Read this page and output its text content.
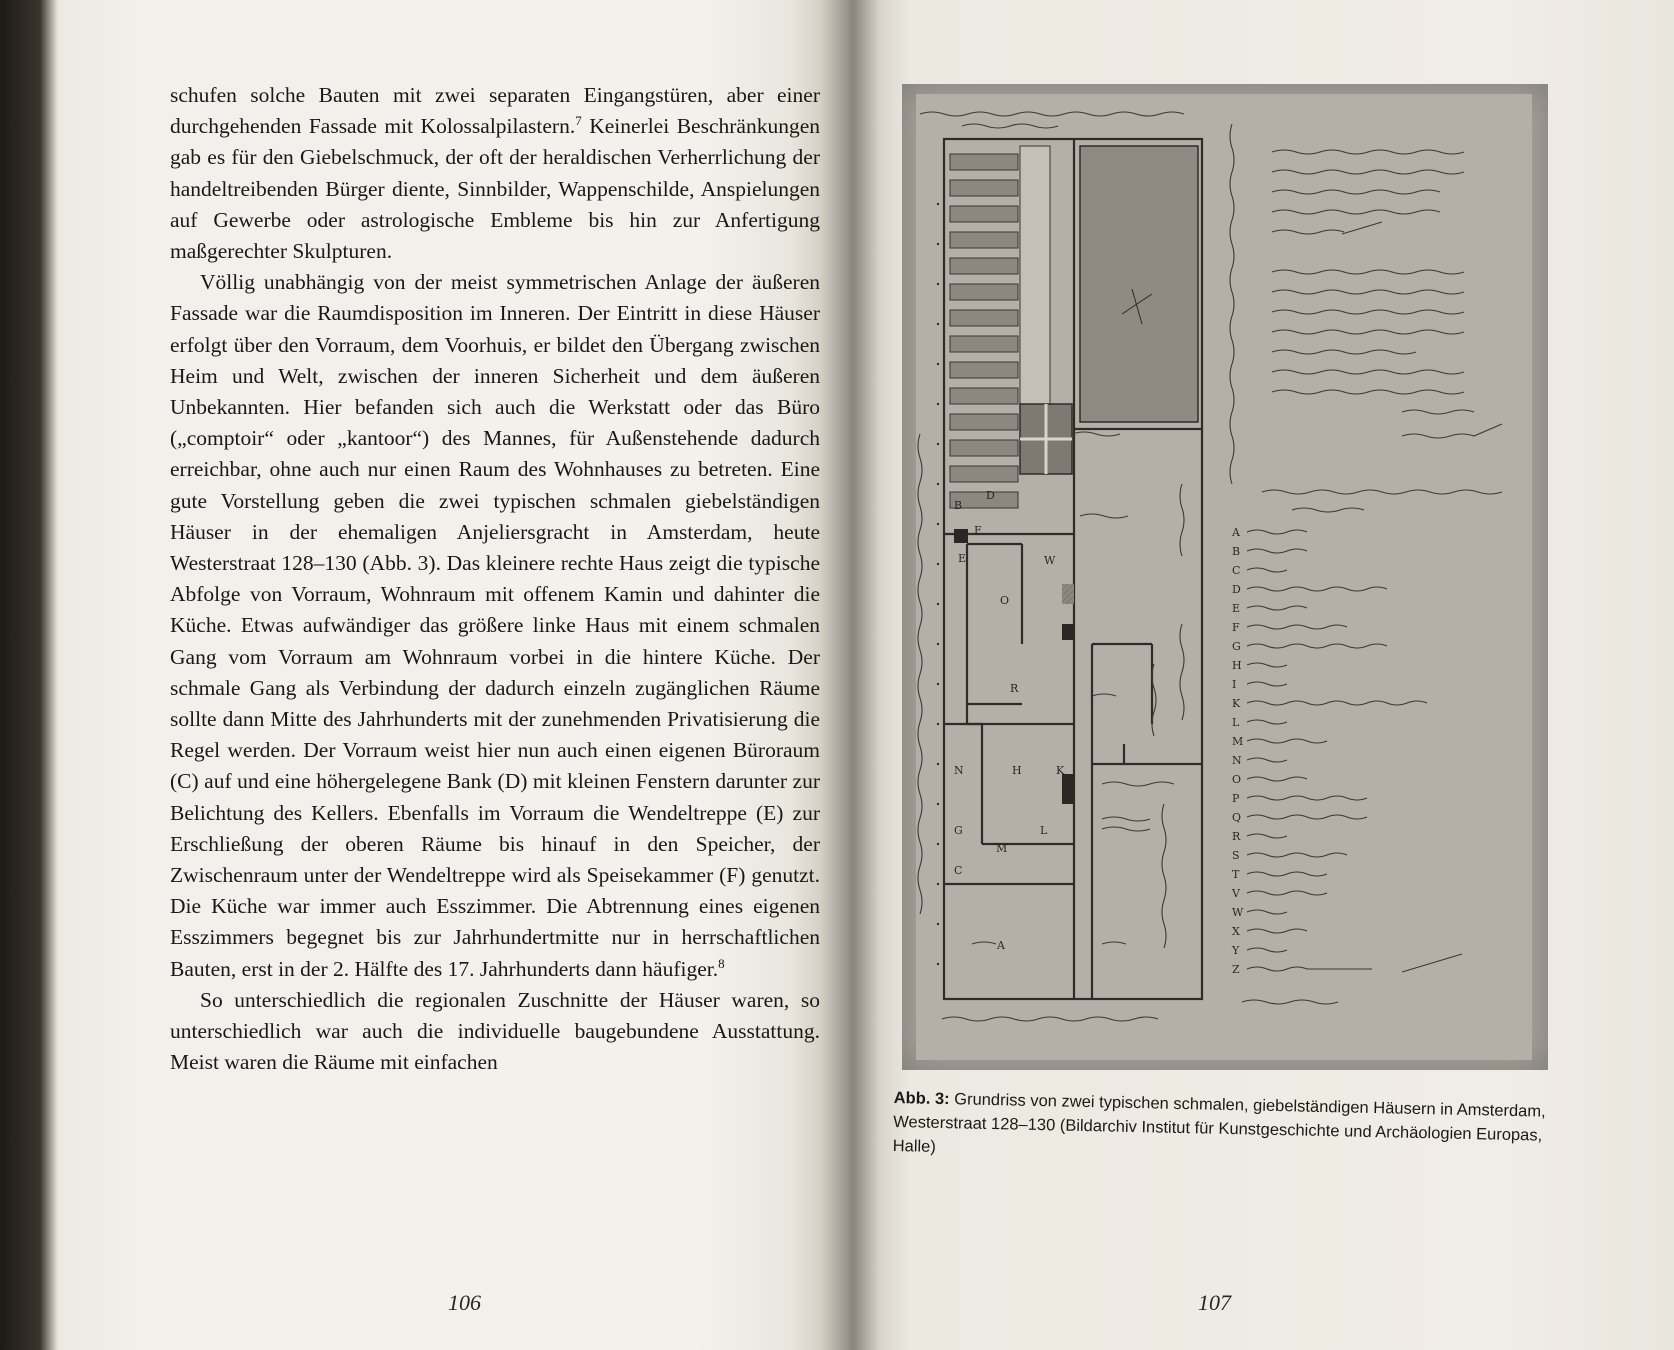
schufen solche Bauten mit zwei separaten Eingangstüren, aber einer durchgehenden Fassade mit Kolossalpilastern.$^7$ Keinerlei Beschränkungen gab es für den Giebelschmuck, der oft der heraldischen Verherrlichung der handeltreibenden Bürger diente, Sinnbilder, Wappenschilde, Anspielungen auf Gewerbe oder astrologische Embleme bis hin zur Anfertigung maßgerechter Skulpturen.

Völlig unabhängig von der meist symmetrischen Anlage der äußeren Fassade war die Raumdisposition im Inneren. Der Eintritt in diese Häuser erfolgt über den Vorraum, dem Voorhuis, er bildet den Übergang zwischen Heim und Welt, zwischen der inneren Sicherheit und dem äußeren Unbekannten. Hier befanden sich auch die Werkstatt oder das Büro („comptoir“ oder „kantoor“) des Mannes, für Außenstehende dadurch erreichbar, ohne auch nur einen Raum des Wohnhauses zu betreten. Eine gute Vorstellung geben die zwei typischen schmalen giebelständigen Häuser in der ehemaligen Anjeliersgracht in Amsterdam, heute Westerstraat 128–130 (Abb. 3). Das kleinere rechte Haus zeigt die typische Abfolge von Vorraum, Wohnraum mit offenem Kamin und dahinter die Küche. Etwas aufwändiger das größere linke Haus mit einem schmalen Gang vom Vorraum am Wohnraum vorbei in die hintere Küche. Der schmale Gang als Verbindung der dadurch einzeln zugänglichen Räume sollte dann Mitte des Jahrhunderts mit der zunehmenden Privatisierung die Regel werden. Der Vorraum weist hier nun auch einen eigenen Büroraum (C) auf und eine höhergelegene Bank (D) mit kleinen Fenstern darunter zur Belichtung des Kellers. Ebenfalls im Vorraum die Wendeltreppe (E) zur Erschließung der oberen Räume bis hinauf in den Speicher, der Zwischenraum unter der Wendeltreppe wird als Speisekammer (F) genutzt. Die Küche war immer auch Esszimmer. Die Abtrennung eines eigenen Esszimmers begegnet bis zur Jahrhundertmitte nur in herrschaftlichen Bauten, erst in der 2. Hälfte des 17. Jahrhunderts dann häufiger.$^8$

So unterschiedlich die regionalen Zuschnitte der Häuser waren, so unterschiedlich war auch die individuelle baugebundene Ausstattung. Meist waren die Räume mit einfachen

106
A
B
C
D
E
F
G
H	K
L
M
N
O
R
W
A
B
C
D
E
F
G
H
I
K
L
M
N
O
P
Q
R
S
T
V
W
X
Y
Z
Abb. 3: Grundriss von zwei typischen schmalen, giebelständigen Häusern in Amsterdam, Westerstraat 128–130 (Bildarchiv Institut für Kunstgeschichte und Archäologien Europas, Halle)
107
